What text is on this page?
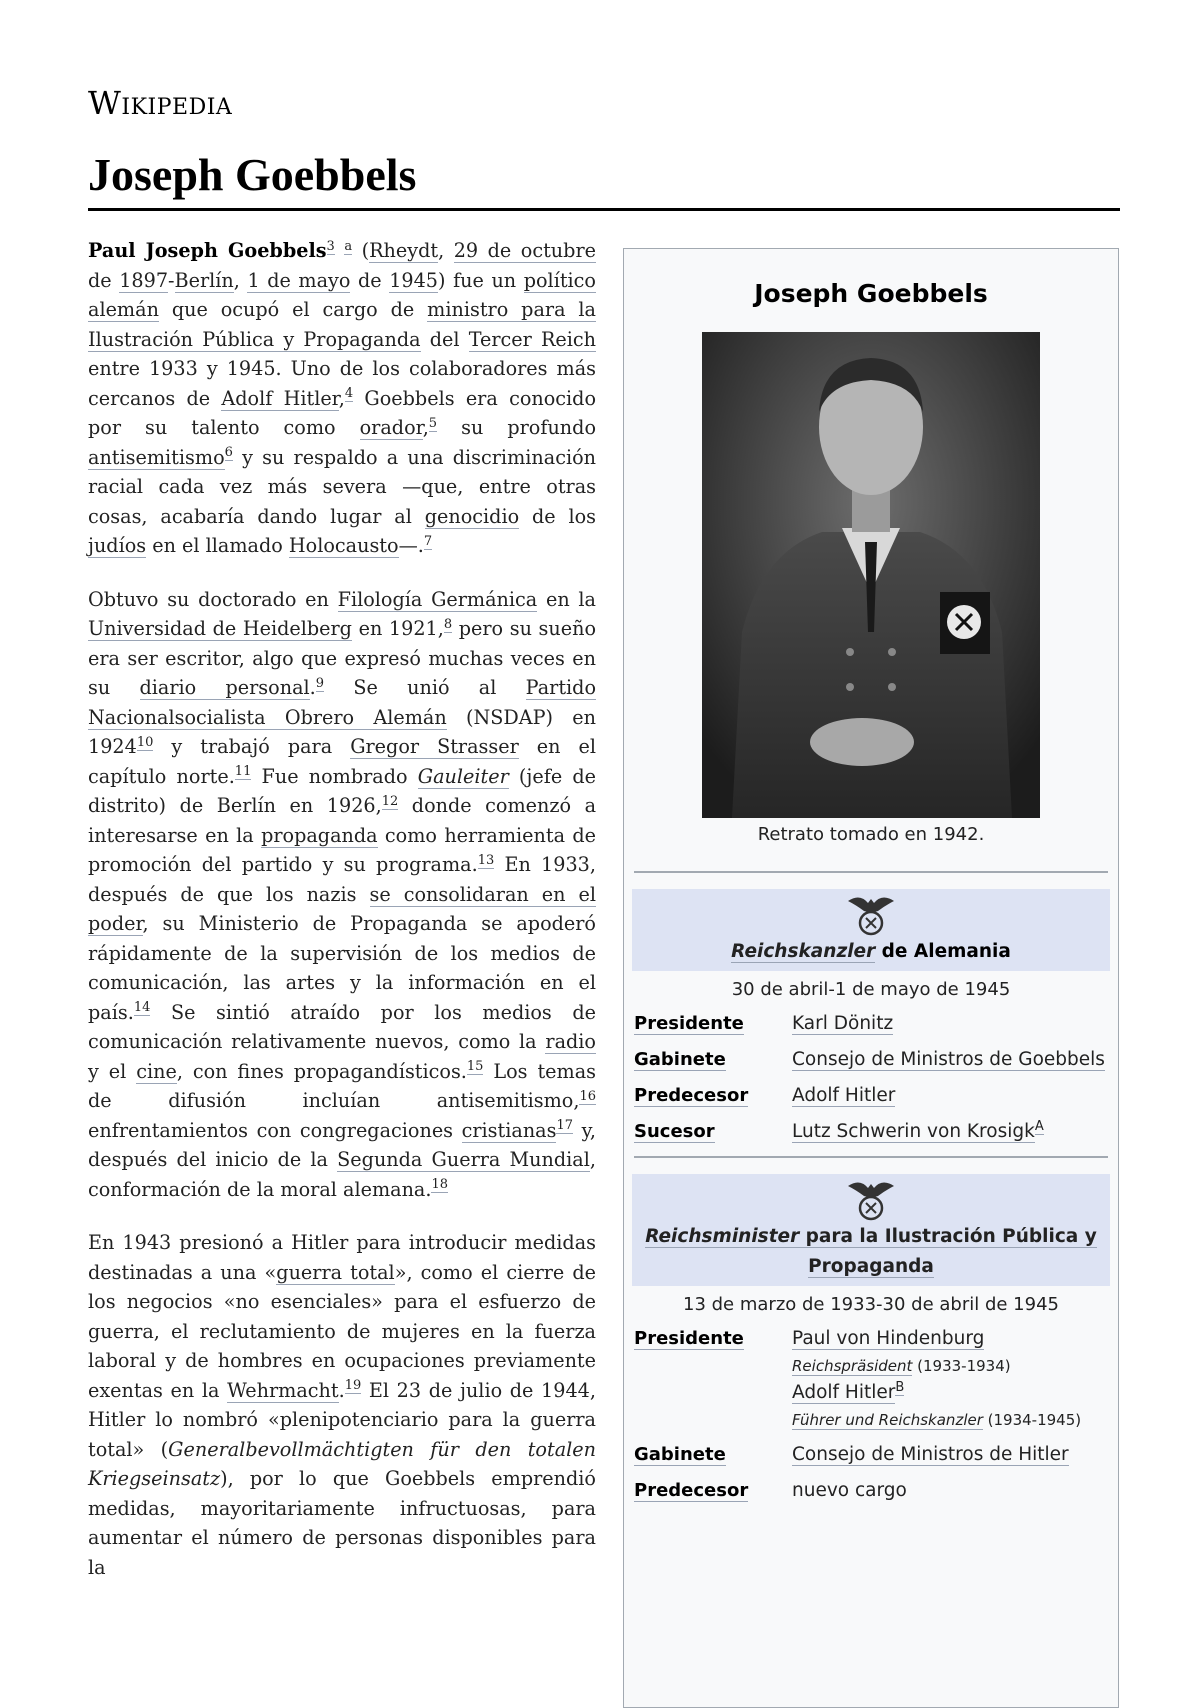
Wikipedia
Joseph Goebbels

Paul Joseph Goebbels$^3$ $^a$ (Rheydt, 29 de octubre de 1897-Berlín, 1 de mayo de 1945) fue un político alemán que ocupó el cargo de ministro para la Ilustración Pública y Propaganda del Tercer Reich entre 1933 y 1945. Uno de los colaboradores más cercanos de Adolf Hitler,$^4$ Goebbels era conocido por su talento como orador,$^5$ su profundo antisemitismo$^6$ y su respaldo a una discriminación racial cada vez más severa —que, entre otras cosas, acabaría dando lugar al genocidio de los judíos en el llamado Holocausto—.$^7$

Obtuvo su doctorado en Filología Germánica en la Universidad de Heidelberg en 1921,$^8$ pero su sueño era ser escritor, algo que expresó muchas veces en su diario personal.$^9$ Se unió al Partido Nacionalsocialista Obrero Alemán (NSDAP) en 1924$^{10}$ y trabajó para Gregor Strasser en el capítulo norte.$^{11}$ Fue nombrado Gauleiter (jefe de distrito) de Berlín en 1926,12 donde comenzó a interesarse en la propaganda como herramienta de promoción del partido y su programa.$^{13}$ En 1933, después de que los nazis se consolidaran en el poder, su Ministerio de Propaganda se apoderó rápidamente de la supervisión de los medios de comunicación, las artes y la información en el país.$^{14}$ Se sintió atraído por los medios de comunicación relativamente nuevos, como la radio y el cine, con fines propagandísticos.$^{15}$ Los temas de difusión incluían antisemitismo,$^{16}$ enfrentamientos con congregaciones cristianas$^{17}$ y, después del inicio de la Segunda Guerra Mundial, conformación de la moral alemana.$^{18}$

En 1943 presionó a Hitler para introducir medidas destinadas a una «guerra total», como el cierre de los negocios «no esenciales» para el esfuerzo de guerra, el reclutamiento de mujeres en la fuerza laboral y de hombres en ocupaciones previamente exentas en la Wehrmacht.$^{19}$ El 23 de julio de 1944, Hitler lo nombró «plenipotenciario para la guerra total» (Generalbevollmächtigten für den totalen Kriegseinsatz), por lo que Goebbels emprendió medidas, mayoritariamente infructuosas, para aumentar el número de personas disponibles para la

Joseph Goebbels
Retrato tomado en 1942.
Reichskanzler de Alemania
30 de abril-1 de mayo de 1945
Presidente	Karl Dönitz
Gabinete	Consejo de Ministros de Goebbels
Predecesor	Adolf Hitler
Sucesor	Lutz Schwerin von Krosigk$^A$
Reichsminister para la Ilustración Pública y Propaganda
13 de marzo de 1933-30 de abril de 1945
Presidente	Paul von Hindenburg
Reichspräsident (1933-1934)
Adolf Hitler$^B$
Führer und Reichskanzler (1934-1945)
Gabinete	Consejo de Ministros de Hitler
Predecesor	nuevo cargo
